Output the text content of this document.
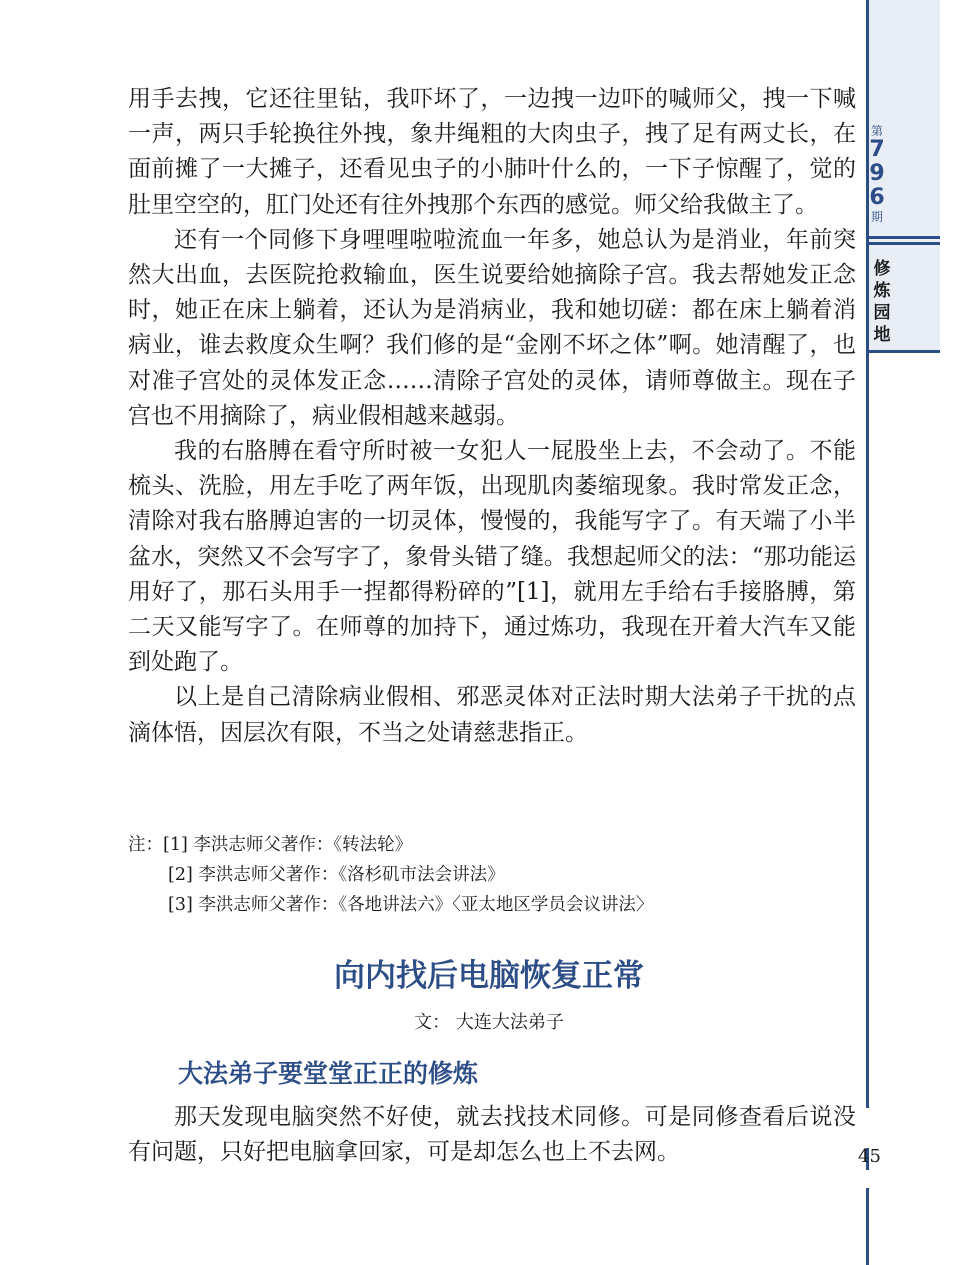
第
7
9
6
期
修
炼
园
地

用手去拽，它还往里钻，我吓坏了，一边拽一边吓的喊师父，拽一下喊一声，两只手轮换往外拽，象井绳粗的大肉虫子，拽了足有两丈长，在面前摊了一大摊子，还看见虫子的小肺叶什么的，一下子惊醒了，觉的肚里空空的，肛门处还有往外拽那个东西的感觉。师父给我做主了。

还有一个同修下身哩哩啦啦流血一年多，她总认为是消业，年前突然大出血，去医院抢救输血，医生说要给她摘除子宫。我去帮她发正念时，她正在床上躺着，还认为是消病业，我和她切磋：都在床上躺着消病业，谁去救度众生啊？我们修的是“金刚不坏之体”啊。她清醒了，也对准子宫处的灵体发正念……清除子宫处的灵体，请师尊做主。现在子宫也不用摘除了，病业假相越来越弱。

我的右胳膊在看守所时被一女犯人一屁股坐上去，不会动了。不能梳头、洗脸，用左手吃了两年饭，出现肌肉萎缩现象。我时常发正念，清除对我右胳膊迫害的一切灵体，慢慢的，我能写字了。有天端了小半盆水，突然又不会写字了，象骨头错了缝。我想起师父的法：“那功能运用好了，那石头用手一捏都得粉碎的”[1]，就用左手给右手接胳膊，第二天又能写字了。在师尊的加持下，通过炼功，我现在开着大汽车又能到处跑了。

以上是自己清除病业假相、邪恶灵体对正法时期大法弟子干扰的点滴体悟，因层次有限，不当之处请慈悲指正。

注：[1] 李洪志师父著作：《转法轮》
[2] 李洪志师父著作：《洛杉矶市法会讲法》
[3] 李洪志师父著作：《各地讲法六》〈亚太地区学员会议讲法〉
向内找后电脑恢复正常
文： 大连大法弟子
大法弟子要堂堂正正的修炼

那天发现电脑突然不好使，就去找技术同修。可是同修查看后说没有问题，只好把电脑拿回家，可是却怎么也上不去网。	45
